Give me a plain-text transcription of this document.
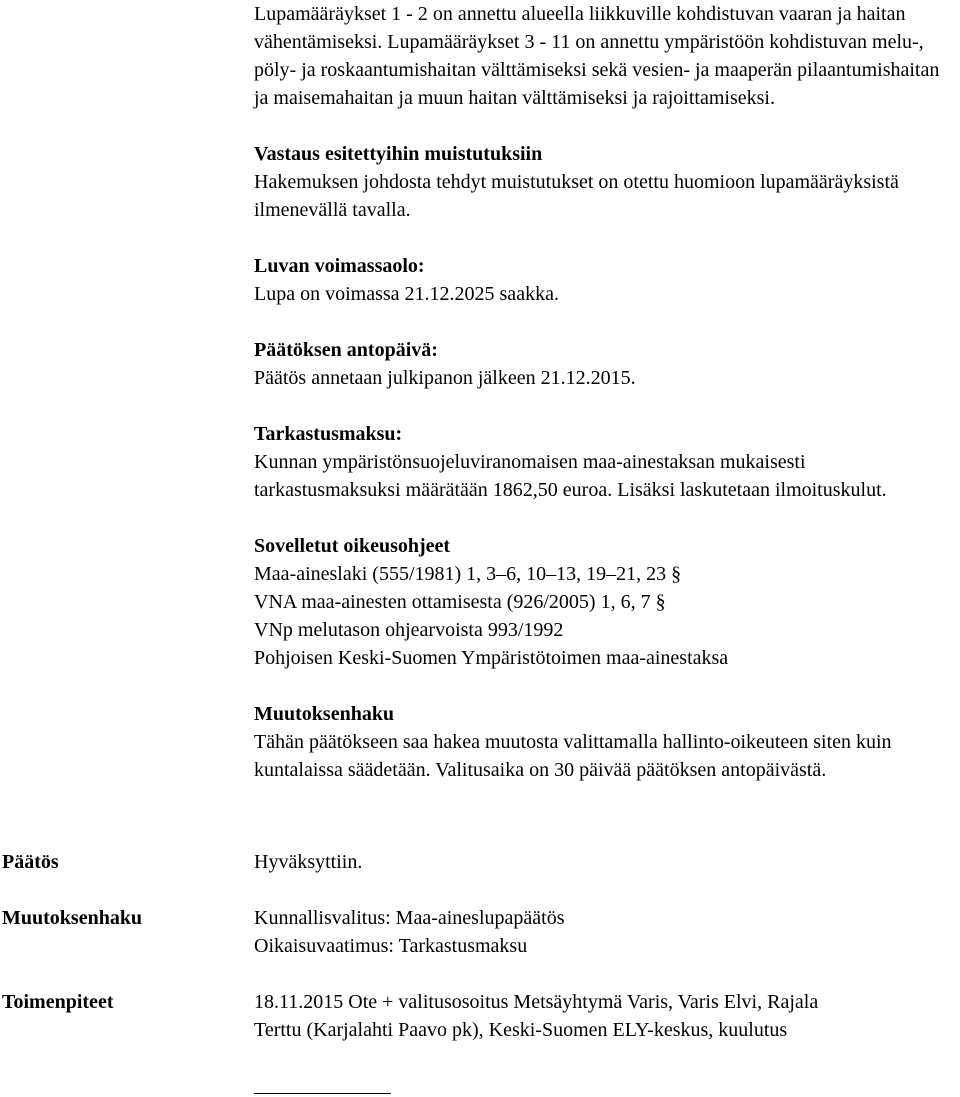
Lupamääräykset 1 - 2 on annettu alueella liikkuville kohdistuvan vaaran ja haitan vähentämiseksi. Lupamääräykset 3 - 11 on annettu ympäristöön kohdistuvan melu-, pöly- ja roskaantumishaitan välttämiseksi sekä vesien- ja maaperän pilaantumishaitan ja maisemahaitan ja muun haitan välttämiseksi ja rajoittamiseksi.

Vastaus esitettyihin muistutuksiin

Hakemuksen johdosta tehdyt muistutukset on otettu huomioon lupamääräyksistä ilmenevällä tavalla.

Luvan voimassaolo:

Lupa on voimassa 21.12.2025 saakka.

Päätöksen antopäivä:

Päätös annetaan julkipanon jälkeen 21.12.2015.

Tarkastusmaksu:

Kunnan ympäristönsuojeluviranomaisen maa-ainestaksan mukaisesti tarkastusmaksuksi määrätään 1862,50 euroa. Lisäksi laskutetaan ilmoituskulut.

Sovelletut oikeusohjeet

Maa-aineslaki (555/1981) 1, 3–6, 10–13, 19–21, 23 §
VNA maa-ainesten ottamisesta (926/2005) 1, 6, 7 §
VNp melutason ohjearvoista 993/1992
Pohjoisen Keski-Suomen Ympäristötoimen maa-ainestaksa

Muutoksenhaku

Tähän päätökseen saa hakea muutosta valittamalla hallinto-oikeuteen siten kuin kuntalaissa säädetään. Valitusaika on 30 päivää päätöksen antopäivästä.

Päätös	Hyväksyttiin.
Muutoksenhaku	Kunnallisvalitus: Maa-aineslupapäätös
Oikaisuvaatimus: Tarkastusmaksu
Toimenpiteet	18.11.2015 Ote + valitusosoitus Metsäyhtymä Varis, Varis Elvi, Rajala
Terttu (Karjalahti Paavo pk), Keski-Suomen ELY-keskus, kuulutus
